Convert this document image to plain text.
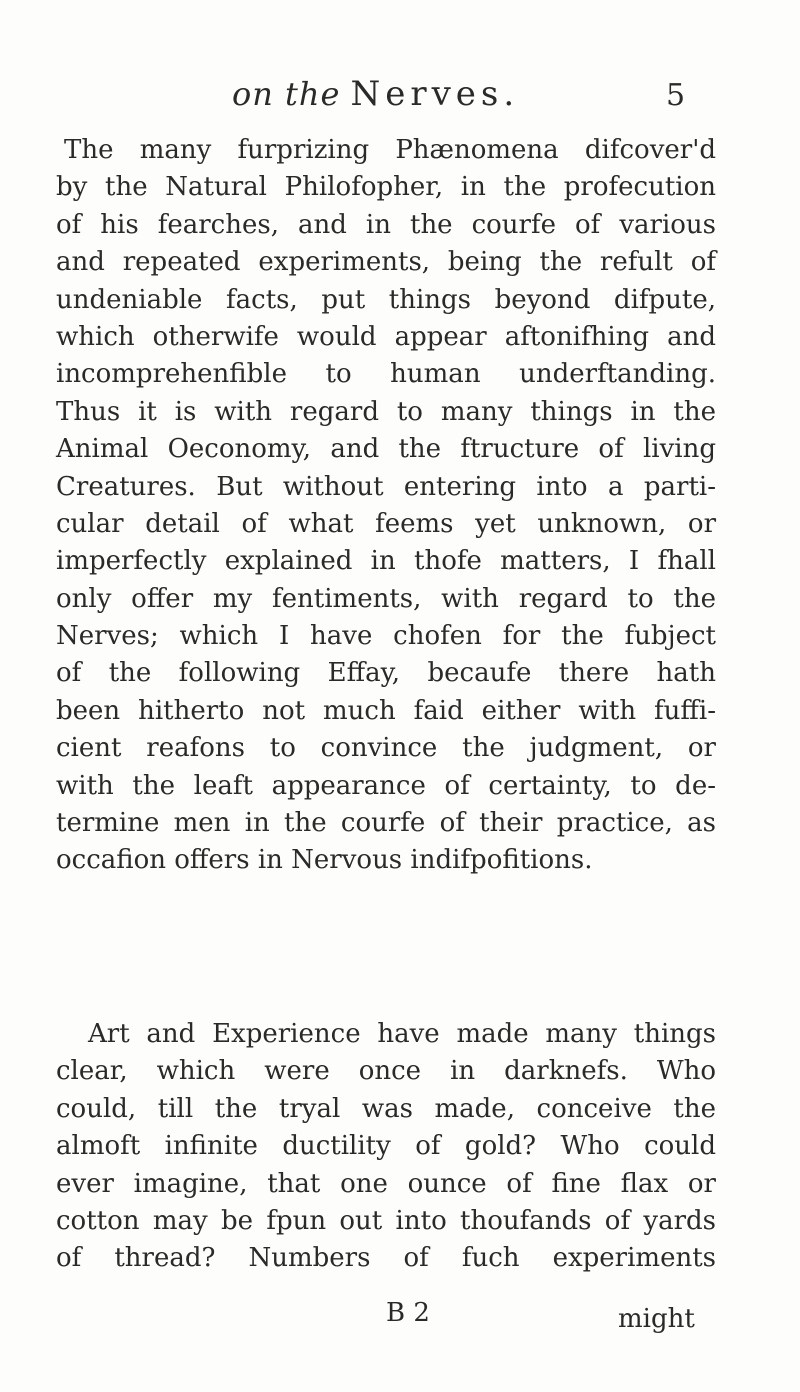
on the Nerves.	5
The many furprizing Phænomena difcover'd
by the Natural Philofopher, in the profecution
of his fearches, and in the courfe of various
and repeated experiments, being the refult of
undeniable facts, put things beyond difpute,
which otherwife would appear aftonifhing and
incomprehenfible to human underftanding.
Thus it is with regard to many things in the
Animal Oeconomy, and the ftructure of living
Creatures. But without entering into a parti-
cular detail of what feems yet unknown, or
imperfectly explained in thofe matters, I fhall
only offer my fentiments, with regard to the
Nerves; which I have chofen for the fubject
of the following Effay, becaufe there hath
been hitherto not much faid either with fuffi-
cient reafons to convince the judgment, or
with the leaft appearance of certainty, to de-
termine men in the courfe of their practice, as
occafion offers in Nervous indifpofitions.
Art and Experience have made many things
clear, which were once in darknefs. Who
could, till the tryal was made, conceive the
almoft infinite ductility of gold? Who could
ever imagine, that one ounce of fine flax or
cotton may be fpun out into thoufands of yards
of thread? Numbers of fuch experiments
B 2	might
